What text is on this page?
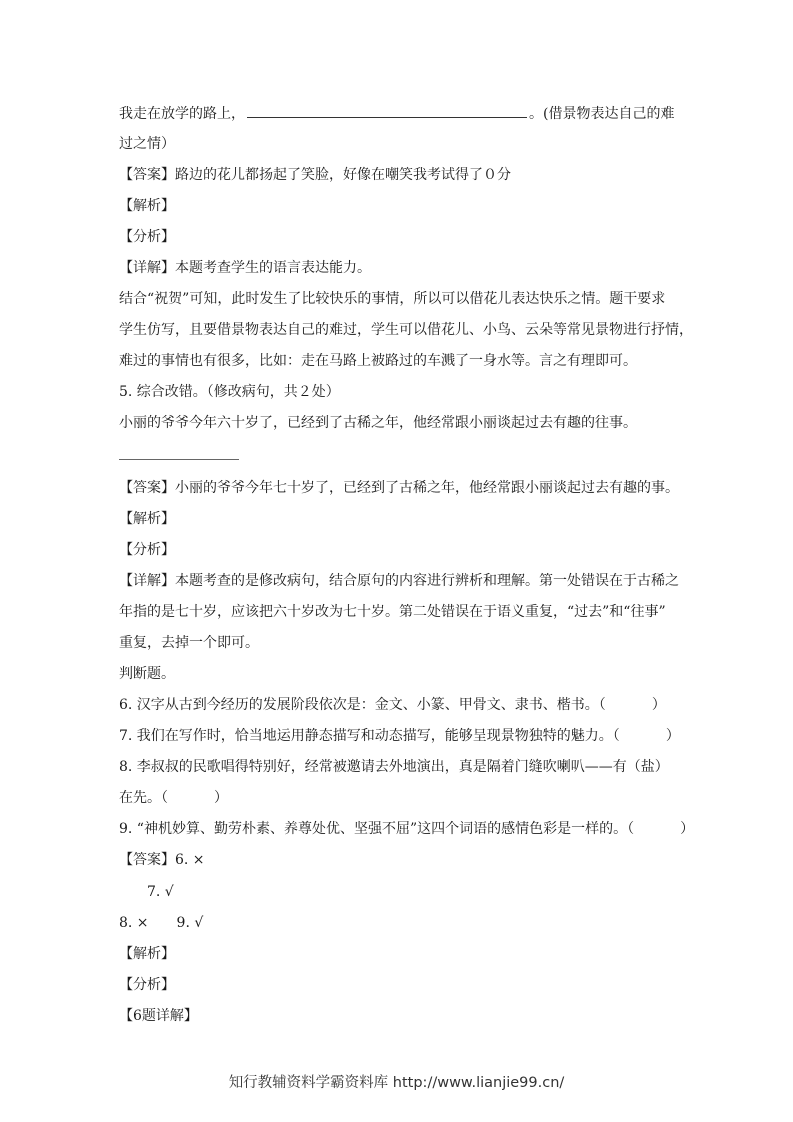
我走在放学的路上，	。(借景物表达自己的难
过之情）
【答案】路边的花儿都扬起了笑脸，好像在嘲笑我考试得了０分
【解析】
【分析】
【详解】本题考查学生的语言表达能力。
结合“祝贺”可知，此时发生了比较快乐的事情，所以可以借花儿表达快乐之情。题干要求
学生仿写，且要借景物表达自己的难过，学生可以借花儿、小鸟、云朵等常见景物进行抒情，
难过的事情也有很多，比如：走在马路上被路过的车溅了一身水等。言之有理即可。
5. 综合改错。（修改病句，共２处）
小丽的爷爷今年六十岁了，已经到了古稀之年，他经常跟小丽谈起过去有趣的往事。
【答案】小丽的爷爷今年七十岁了，已经到了古稀之年，他经常跟小丽谈起过去有趣的事。
【解析】
【分析】
【详解】本题考查的是修改病句，结合原句的内容进行辨析和理解。第一处错误在于古稀之
年指的是七十岁，应该把六十岁改为七十岁。第二处错误在于语义重复，“过去”和“往事”
重复，去掉一个即可。
判断题。
6. 汉字从古到今经历的发展阶段依次是：金文、小篆、甲骨文、隶书、楷书。（	）
7. 我们在写作时，恰当地运用静态描写和动态描写，能够呈现景物独特的魅力。（	）
8. 李叔叔的民歌唱得特别好，经常被邀请去外地演出，真是隔着门缝吹喇叭——有（盐）
在先。（	）
9. “神机妙算、勤劳朴素、养尊处优、坚强不屈”这四个词语的感情色彩是一样的。（	）
【答案】6. ×
7. √
8. ×　　9. √
【解析】
【分析】
【6题详解】
知行教辅资料学霸资料库 http://www.lianjie99.cn/
